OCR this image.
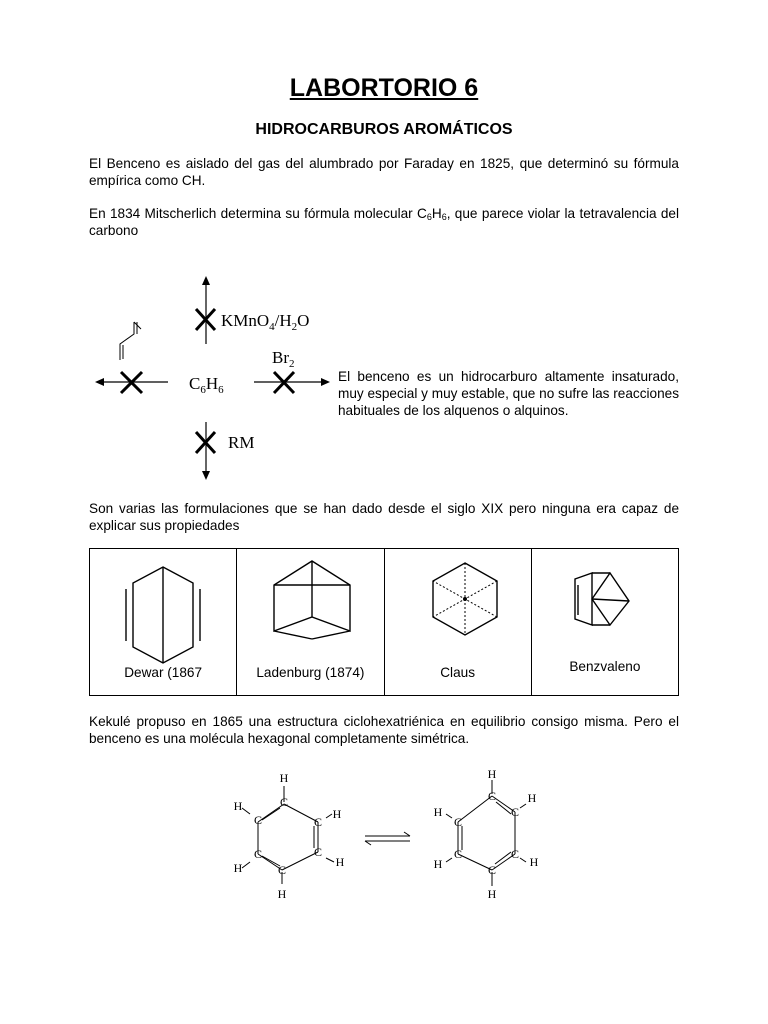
LABORTORIO 6
HIDROCARBUROS AROMÁTICOS
El Benceno es aislado del gas del alumbrado por Faraday en 1825, que determinó su fórmula empírica como CH.
En 1834 Mitscherlich determina su fórmula molecular $C_6H_6$, que parece violar la tetravalencia del carbono
$C_6H_6$
$KMnO_4/H_2O$
$Br_2$
RM
El benceno es un hidrocarburo altamente insaturado, muy especial y muy estable, que no sufre las reacciones habituales de los alquenos o alquinos.
Son varias las formulaciones que se han dado desde el siglo XIX pero ninguna era capaz de explicar sus propiedades
Dewar (1867	Ladenburg (1874)	Claus	Benzvaleno
Kekulé propuso en 1865 una estructura ciclohexatriénica en equilibrio consigo misma. Pero el benceno es una molécula hexagonal completamente simétrica.
H
C
H
C	C
H
C
H
C
H
C
H
H
C	H
C
H
C
C
H
C
H
C
H
